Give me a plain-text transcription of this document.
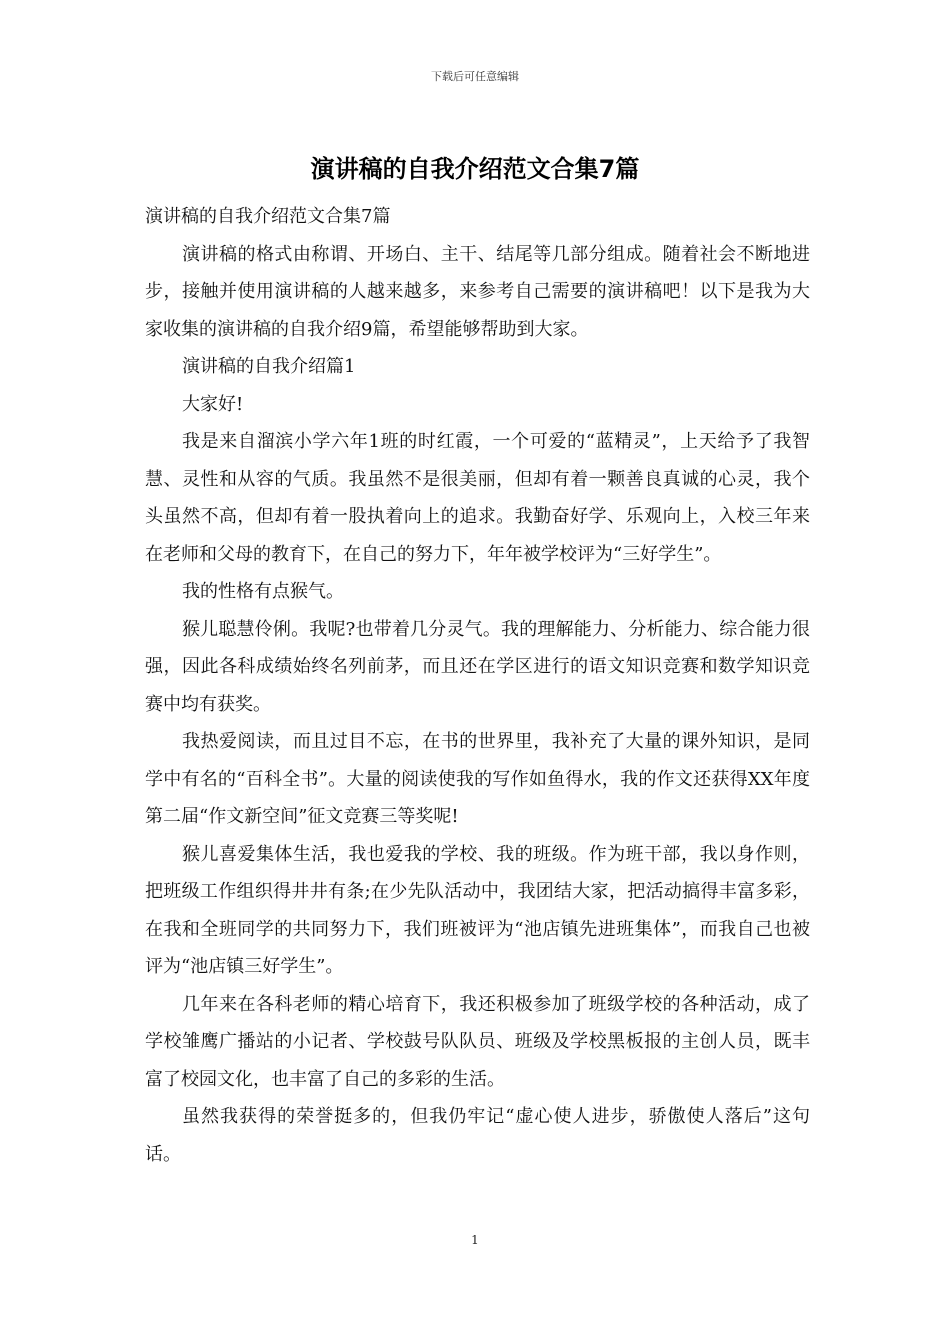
下载后可任意编辑
演讲稿的自我介绍范文合集7篇

演讲稿的自我介绍范文合集7篇

演讲稿的格式由称谓、开场白、主干、结尾等几部分组成。随着社会不断地进步，接触并使用演讲稿的人越来越多，来参考自己需要的演讲稿吧！以下是我为大家收集的演讲稿的自我介绍9篇，希望能够帮助到大家。

演讲稿的自我介绍篇1

大家好!

我是来自溜滨小学六年1班的时红霞，一个可爱的“蓝精灵”，上天给予了我智慧、灵性和从容的气质。我虽然不是很美丽，但却有着一颗善良真诚的心灵，我个头虽然不高，但却有着一股执着向上的追求。我勤奋好学、乐观向上，入校三年来在老师和父母的教育下，在自己的努力下，年年被学校评为“三好学生”。

我的性格有点猴气。

猴儿聪慧伶俐。我呢?也带着几分灵气。我的理解能力、分析能力、综合能力很强，因此各科成绩始终名列前茅，而且还在学区进行的语文知识竞赛和数学知识竞赛中均有获奖。

我热爱阅读，而且过目不忘，在书的世界里，我补充了大量的课外知识，是同学中有名的“百科全书”。大量的阅读使我的写作如鱼得水，我的作文还获得XX年度第二届“作文新空间”征文竞赛三等奖呢!

猴儿喜爱集体生活，我也爱我的学校、我的班级。作为班干部，我以身作则，把班级工作组织得井井有条;在少先队活动中，我团结大家，把活动搞得丰富多彩，在我和全班同学的共同努力下，我们班被评为“池店镇先进班集体”，而我自己也被评为“池店镇三好学生”。

几年来在各科老师的精心培育下，我还积极参加了班级学校的各种活动，成了学校雏鹰广播站的小记者、学校鼓号队队员、班级及学校黑板报的主创人员，既丰富了校园文化，也丰富了自己的多彩的生活。

虽然我获得的荣誉挺多的，但我仍牢记“虚心使人进步，骄傲使人落后”这句话。

1
